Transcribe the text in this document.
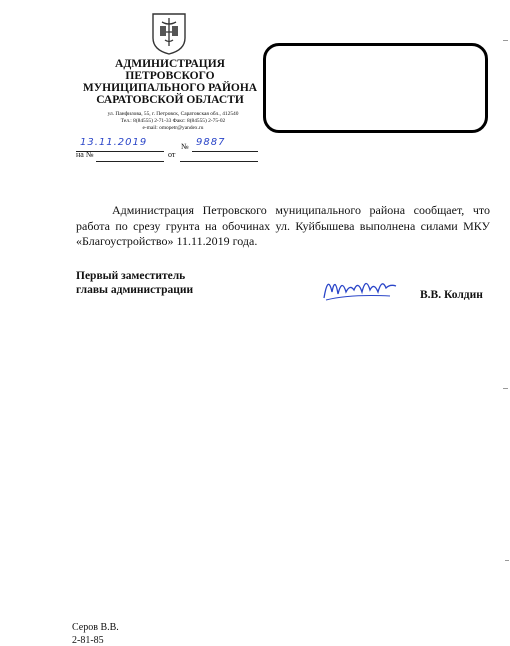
АДМИНИСТРАЦИЯ
ПЕТРОВСКОГО
МУНИЦИПАЛЬНОГО РАЙОНА
САРАТОВСКОЙ ОБЛАСТИ
ул. Панфилова, 55, г. Петровск, Саратовская обл., 412540
Тел.: 8(84555) 2-71-33 Факс: 8(84555) 2-75-02
e-mail: omopetr@yandex.ru
13.11.2019	№ 9887
на №	от
Администрация Петровского муниципального района сообщает, что работа по срезу грунта на обочинах ул. Куйбышева выполнена силами МКУ «Благоустройство» 11.11.2019 года.
Первый заместитель
главы администрации	В.В. Колдин
Серов В.В.
2-81-85
